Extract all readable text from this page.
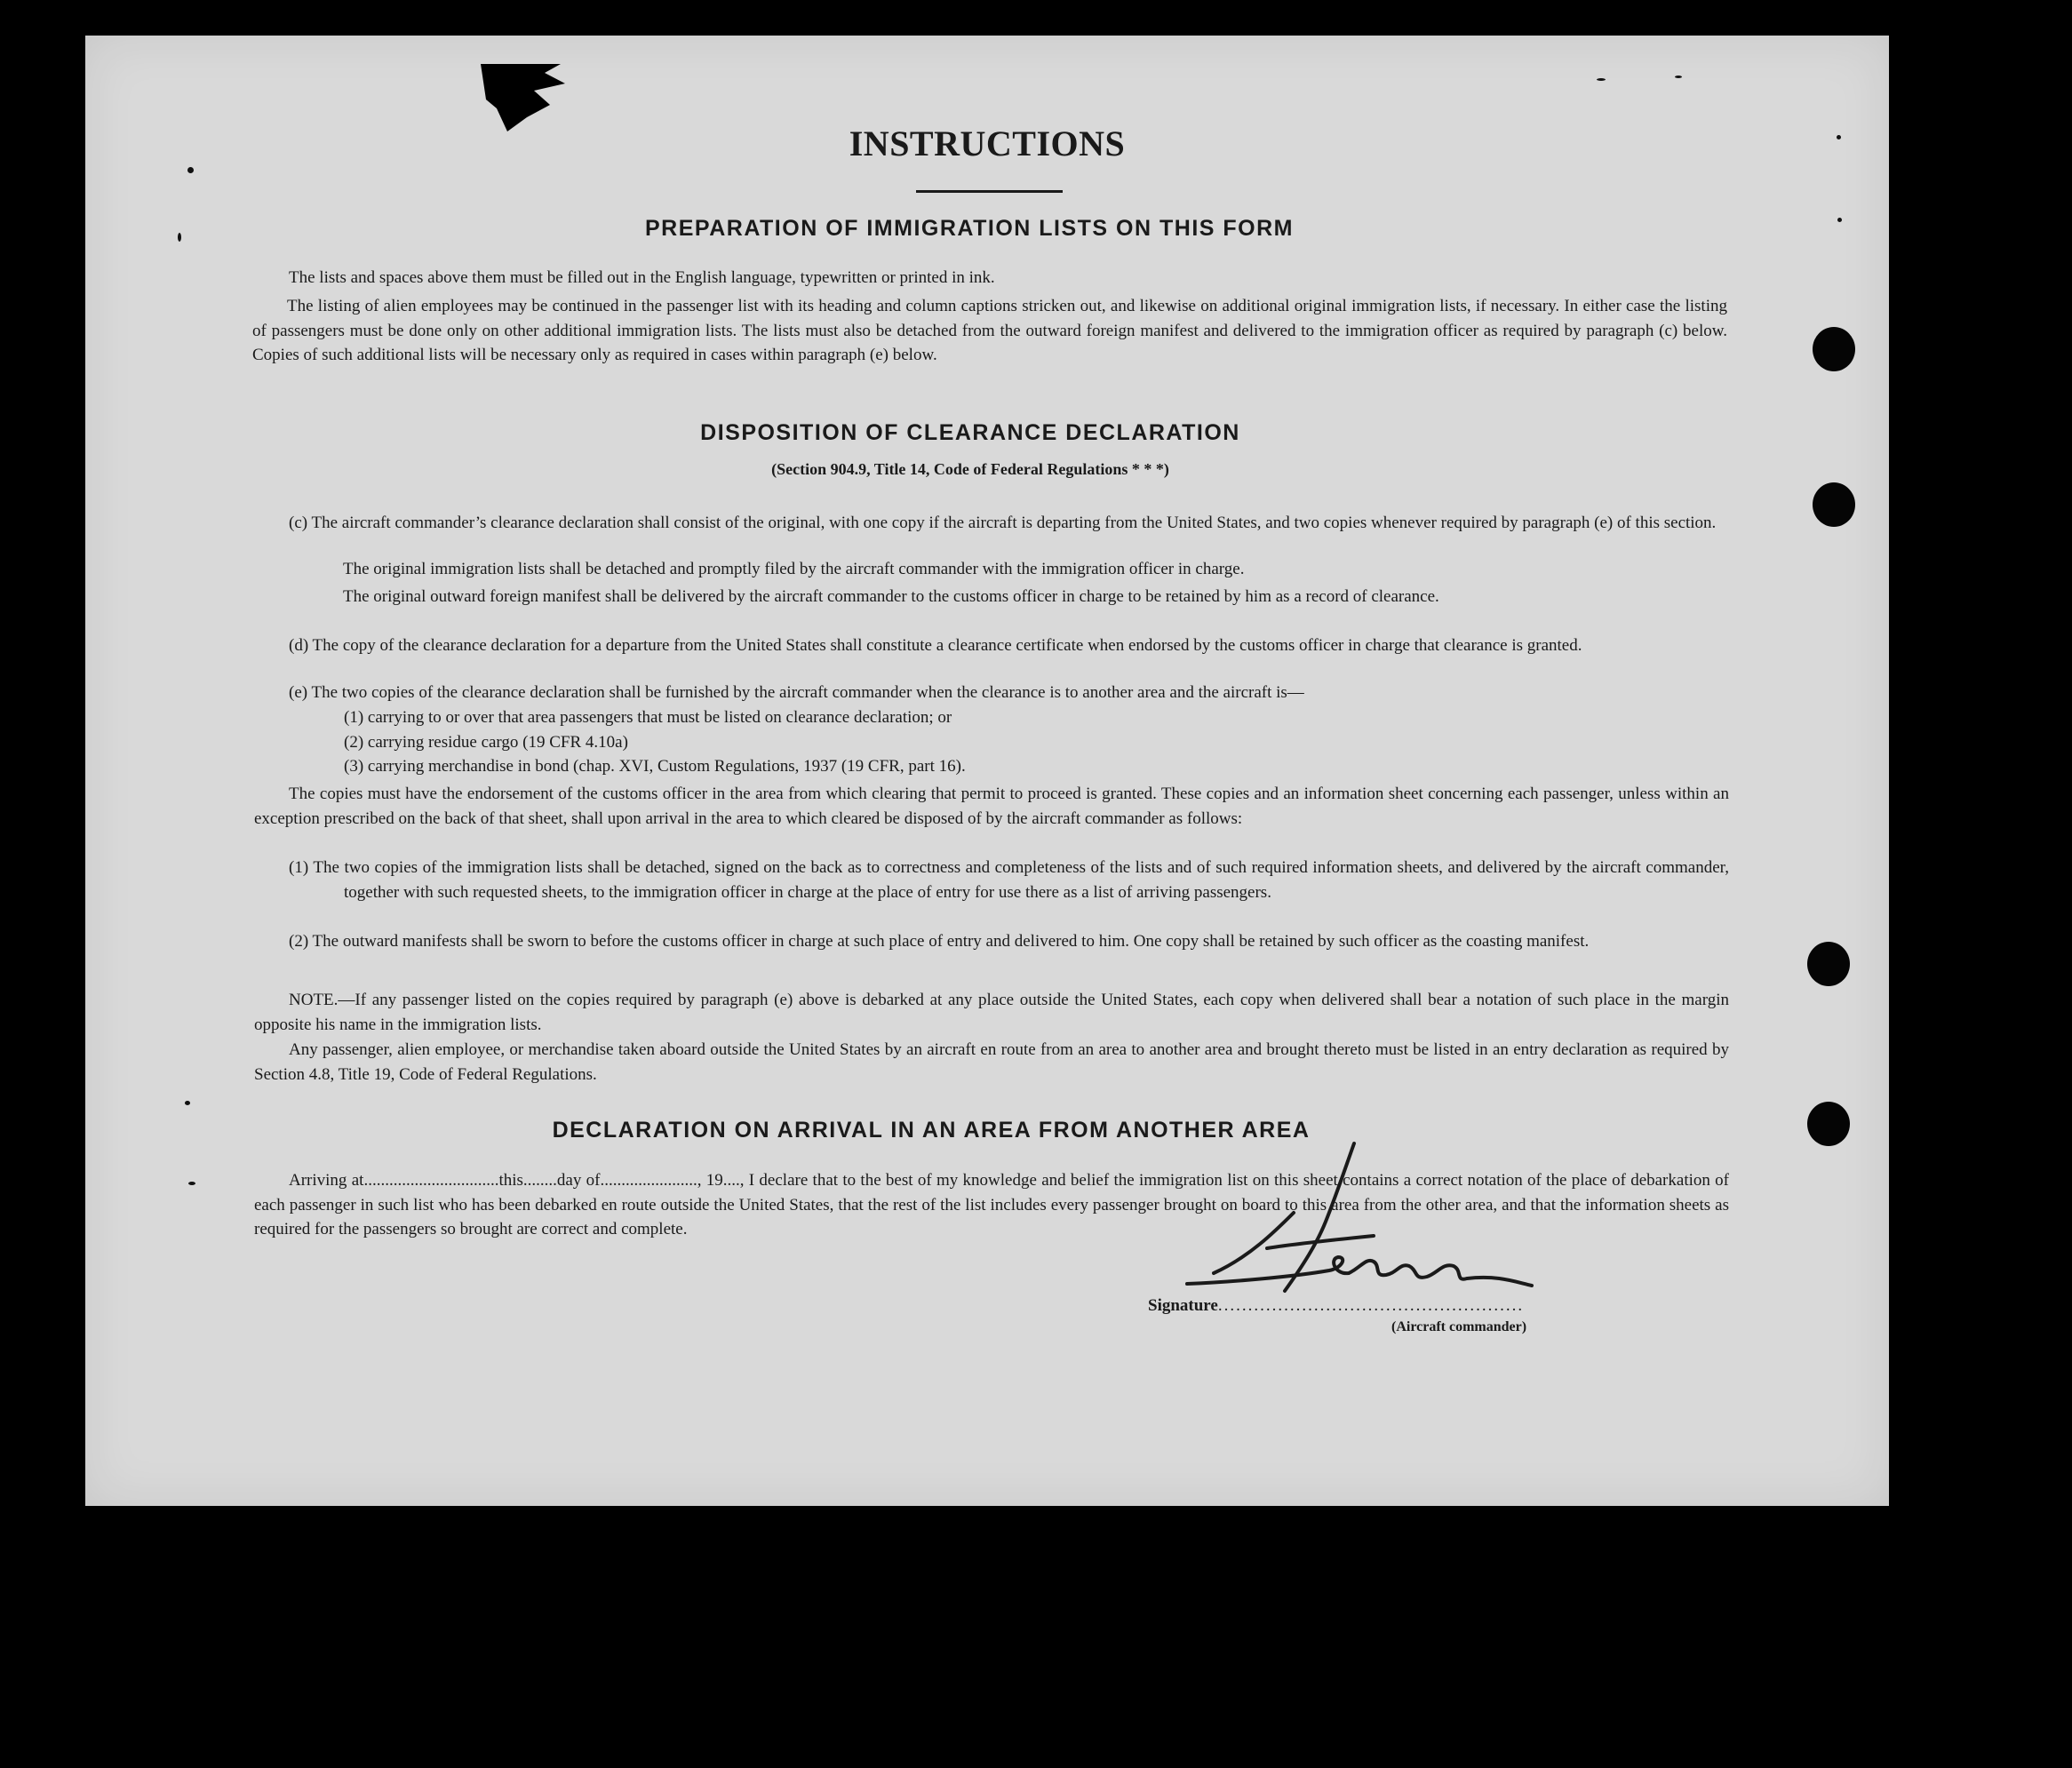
INSTRUCTIONS
PREPARATION OF IMMIGRATION LISTS ON THIS FORM

The lists and spaces above them must be filled out in the English language, typewritten or printed in ink.

The listing of alien employees may be continued in the passenger list with its heading and column captions stricken out, and likewise on additional original immigration lists, if necessary. In either case the listing of passengers must be done only on other additional immigration lists. The lists must also be detached from the outward foreign manifest and delivered to the immigration officer as required by paragraph (c) below. Copies of such additional lists will be necessary only as required in cases within paragraph (e) below.

DISPOSITION OF CLEARANCE DECLARATION
(Section 904.9, Title 14, Code of Federal Regulations * * *)

(c) The aircraft commander’s clearance declaration shall consist of the original, with one copy if the aircraft is departing from the United States, and two copies whenever required by paragraph (e) of this section.

The original immigration lists shall be detached and promptly filed by the aircraft commander with the immigration officer in charge.

The original outward foreign manifest shall be delivered by the aircraft commander to the customs officer in charge to be retained by him as a record of clearance.

(d) The copy of the clearance declaration for a departure from the United States shall constitute a clearance certificate when endorsed by the customs officer in charge that clearance is granted.

(e) The two copies of the clearance declaration shall be furnished by the aircraft commander when the clearance is to another area and the aircraft is—

(1) carrying to or over that area passengers that must be listed on clearance declaration; or

(2) carrying residue cargo (19 CFR 4.10a)

(3) carrying merchandise in bond (chap. XVI, Custom Regulations, 1937 (19 CFR, part 16).

The copies must have the endorsement of the customs officer in the area from which clearing that permit to proceed is granted. These copies and an information sheet concerning each passenger, unless within an exception prescribed on the back of that sheet, shall upon arrival in the area to which cleared be disposed of by the aircraft commander as follows:

(1) The two copies of the immigration lists shall be detached, signed on the back as to correctness and completeness of the lists and of such required information sheets, and delivered by the aircraft commander, together with such requested sheets, to the immigration officer in charge at the place of entry for use there as a list of arriving passengers.

(2) The outward manifests shall be sworn to before the customs officer in charge at such place of entry and delivered to him. One copy shall be retained by such officer as the coasting manifest.

NOTE.—If any passenger listed on the copies required by paragraph (e) above is debarked at any place outside the United States, each copy when delivered shall bear a notation of such place in the margin opposite his name in the immigration lists.

Any passenger, alien employee, or merchandise taken aboard outside the United States by an aircraft en route from an area to another area and brought thereto must be listed in an entry declaration as required by Section 4.8, Title 19, Code of Federal Regulations.

DECLARATION ON ARRIVAL IN AN AREA FROM ANOTHER AREA

Arriving at................................this........day of......................., 19...., I declare that to the best of my knowledge and belief the immigration list on this sheet contains a correct notation of the place of debarkation of each passenger in such list who has been debarked en route outside the United States, that the rest of the list includes every passenger brought on board to this area from the other area, and that the information sheets as required for the passengers so brought are correct and complete.

Signature...................................................
(Aircraft commander)
